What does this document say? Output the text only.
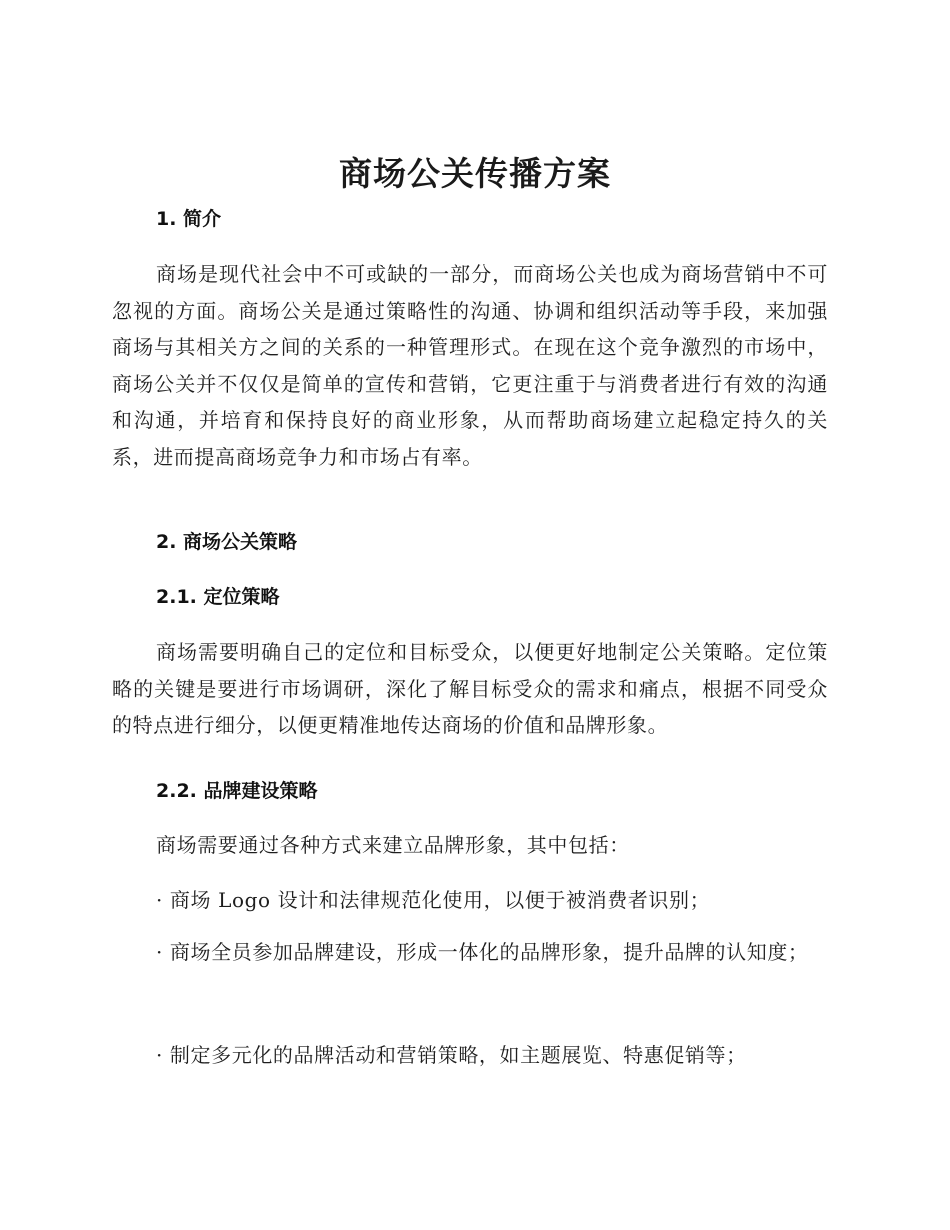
商场公关传播方案
1. 简介

商场是现代社会中不可或缺的一部分，而商场公关也成为商场营销中不可忽视的方面。商场公关是通过策略性的沟通、协调和组织活动等手段，来加强商场与其相关方之间的关系的一种管理形式。在现在这个竞争激烈的市场中，商场公关并不仅仅是简单的宣传和营销，它更注重于与消费者进行有效的沟通和沟通，并培育和保持良好的商业形象，从而帮助商场建立起稳定持久的关系，进而提高商场竞争力和市场占有率。

2. 商场公关策略
2.1. 定位策略

商场需要明确自己的定位和目标受众，以便更好地制定公关策略。定位策略的关键是要进行市场调研，深化了解目标受众的需求和痛点，根据不同受众的特点进行细分，以便更精准地传达商场的价值和品牌形象。

2.2. 品牌建设策略
商场需要通过各种方式来建立品牌形象，其中包括：
· 商场 Logo 设计和法律规范化使用，以便于被消费者识别；

· 商场全员参加品牌建设，形成一体化的品牌形象，提升品牌的认知度；

· 制定多元化的品牌活动和营销策略，如主题展览、特惠促销等；
